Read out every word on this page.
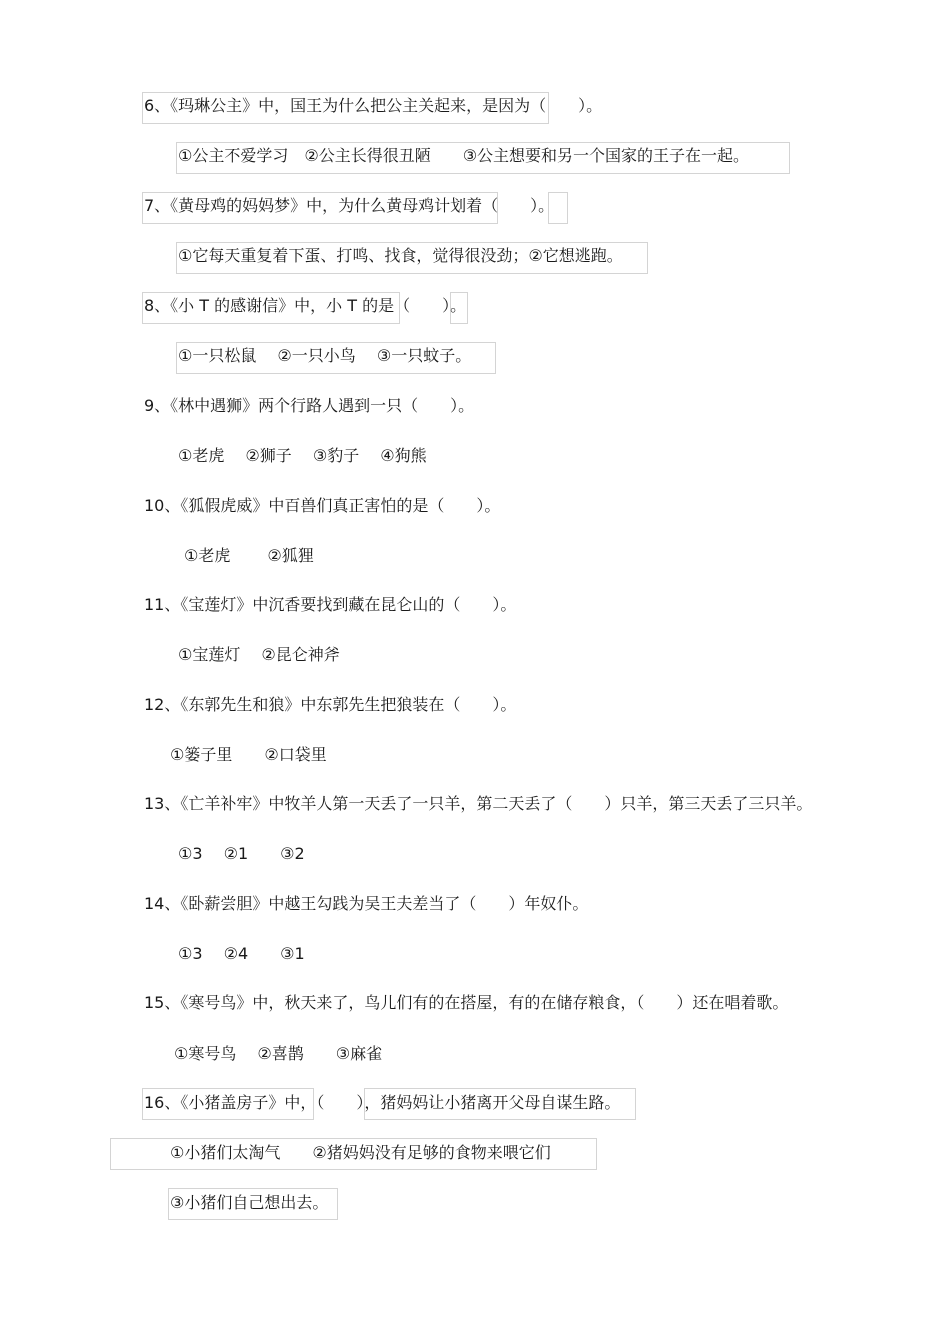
6、《玛琳公主》中，国王为什么把公主关起来，是因为（　　）。
①公主不爱学习　②公主长得很丑陋　　③公主想要和另一个国家的王子在一起。
7、《黄母鸡的妈妈梦》中，为什么黄母鸡计划着（　　）。
①它每天重复着下蛋、打鸣、找食，觉得很没劲；②它想逃跑。
8、《小 T 的感谢信》中，小 T 的是（　　）。
①一只松鼠　 ②一只小鸟　 ③一只蚊子。
9、《林中遇狮》两个行路人遇到一只（　　）。
①老虎　 ②狮子　 ③豹子　 ④狗熊
10、《狐假虎威》中百兽们真正害怕的是（　　）。
①老虎　　 ②狐狸
11、《宝莲灯》中沉香要找到藏在昆仑山的（　　）。
①宝莲灯　 ②昆仑神斧
12、《东郭先生和狼》中东郭先生把狼装在（　　）。
①篓子里　　②口袋里
13、《亡羊补牢》中牧羊人第一天丢了一只羊，第二天丢了（　　）只羊，第三天丢了三只羊。
①3　 ②1　　③2
14、《卧薪尝胆》中越王勾践为吴王夫差当了（　　）年奴仆。
①3　 ②4　　③1
15、《寒号鸟》中，秋天来了，鸟儿们有的在搭屋，有的在储存粮食，（　　）还在唱着歌。
①寒号鸟　 ②喜鹊　　③麻雀
16、《小猪盖房子》中，（　　），猪妈妈让小猪离开父母自谋生路。
①小猪们太淘气　　②猪妈妈没有足够的食物来喂它们
③小猪们自己想出去。
